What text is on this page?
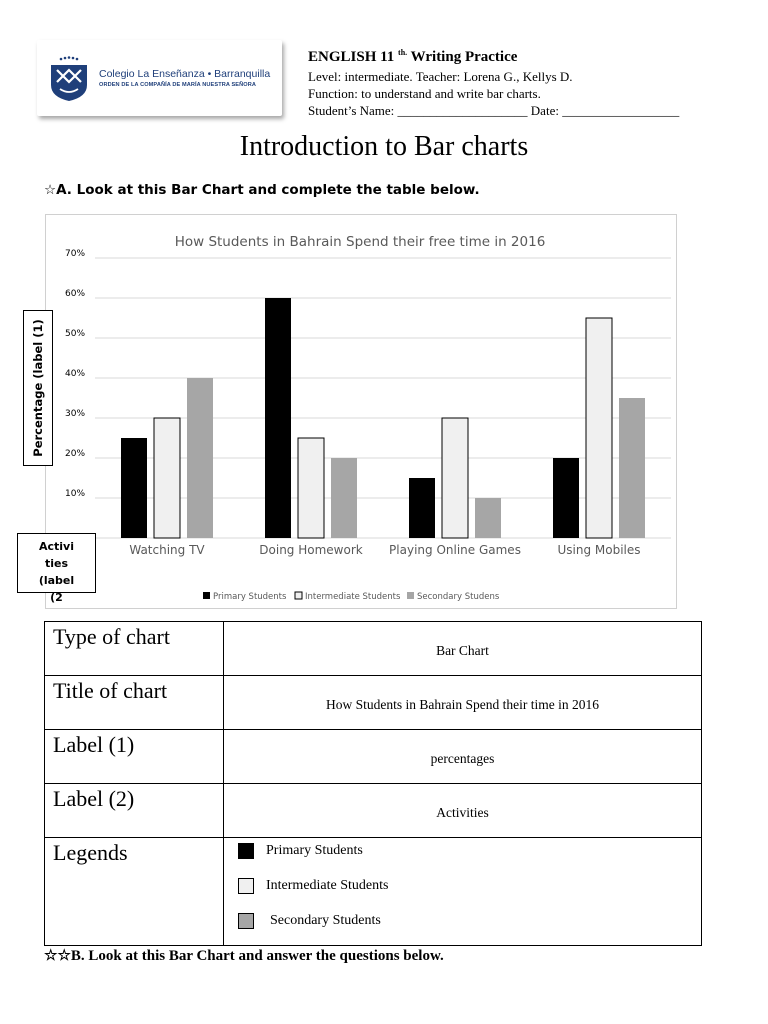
Colegio La Enseñanza • Barranquilla
ORDEN DE LA COMPAÑÍA DE MARÍA NUESTRA SEÑORA
ENGLISH 11 $^{th.}$ Writing Practice
Level: intermediate. Teacher: Lorena G., Kellys D.
Function: to understand and write bar charts.
Student’s Name: ____________________ Date: __________________
Introduction to Bar charts
☆A. Look at this Bar Chart and complete the table below.
How Students in Bahrain Spend their free time in 2016
10%
20%
30%
40%
50%
60%
70%
Watching TV	Doing Homework Playing Online Games	Using Mobiles
Primary Students Intermediate Students Secondary Studens
Percentage (label (1)
Activi
ties
(label
(2
Type of chart	Bar Chart

Title of chart	How Students in Bahrain Spend their time in 2016

Label (1)	percentages

Label (2)	Activities

Legends	Primary Students
Intermediate Students
Secondary Students
☆☆B. Look at this Bar Chart and answer the questions below.
